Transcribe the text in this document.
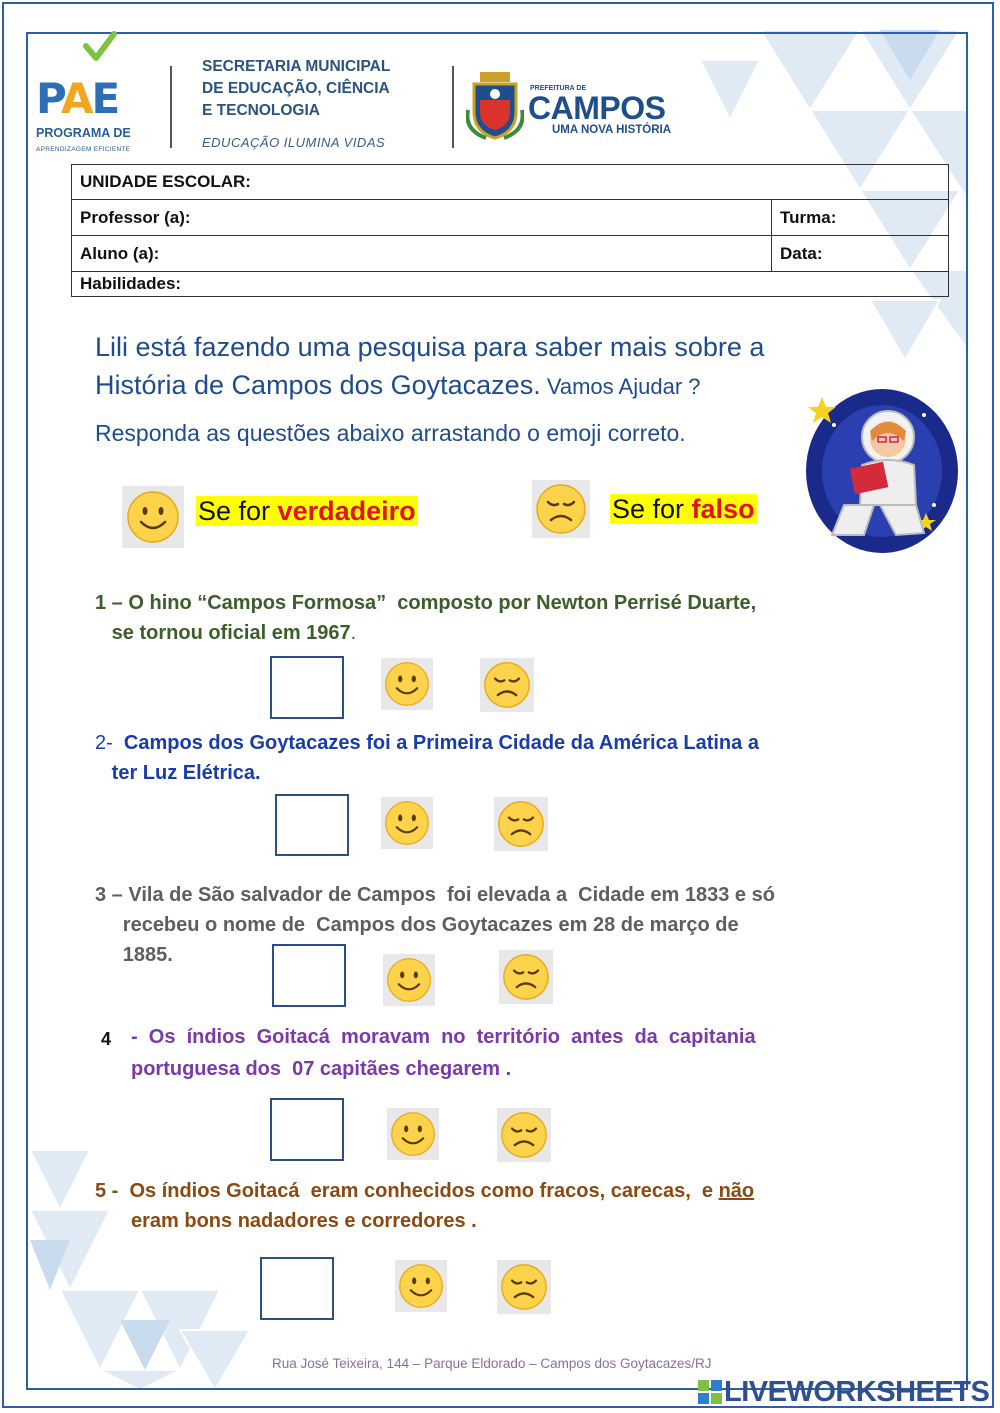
PAE
PROGRAMA DE
APRENDIZAGEM EFICIENTE
SECRETARIA MUNICIPAL
DE EDUCAÇÃO, CIÊNCIA
E TECNOLOGIA
EDUCAÇÃO ILUMINA VIDAS
PREFEITURA DE
CAMPOS
UMA NOVA HISTÓRIA
UNIDADE ESCOLAR:	
Professor (a):	Turma:
Aluno (a):	Data:
Habilidades:	
Lili está fazendo uma pesquisa para saber mais sobre a
História de Campos dos Goytacazes. Vamos Ajudar ?
Responda as questões abaixo arrastando o emoji correto.
Se for verdadeiro	Se for falso
1 – O hino “Campos Formosa”  composto por Newton Perrisé Duarte,
se tornou oficial em 1967.
2-  Campos dos Goytacazes foi a Primeira Cidade da América Latina a
ter Luz Elétrica.
3 – Vila de São salvador de Campos  foi elevada a  Cidade em 1833 e só
recebeu o nome de  Campos dos Goytacazes em 28 de março de
1885.
4 -  Os  índios  Goitacá  moravam  no  território  antes  da  capitania
portuguesa dos  07 capitães chegarem .
5 -  Os índios Goitacá  eram conhecidos como fracos, carecas,  e não
eram bons nadadores e corredores .
Rua José Teixeira, 144 – Parque Eldorado – Campos dos Goytacazes/RJ
LIVEWORKSHEETS
